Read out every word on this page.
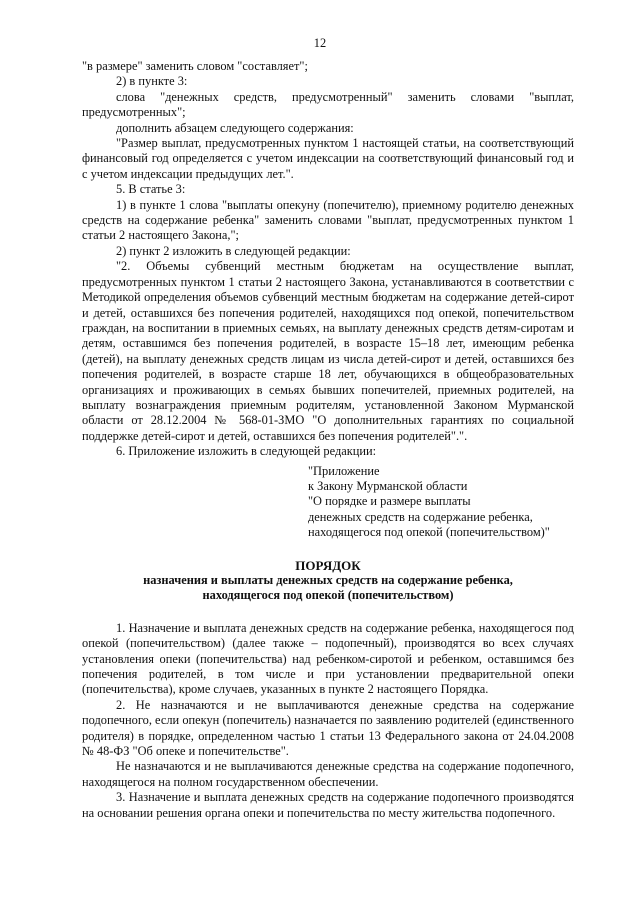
12

"в размере" заменить словом "составляет";

2) в пункте 3:

слова "денежных средств, предусмотренный" заменить словами "выплат, предусмотренных";

дополнить абзацем следующего содержания:

"Размер выплат, предусмотренных пунктом 1 настоящей статьи, на соответствующий финансовый год определяется с учетом индексации на соответствующий финансовый год и с учетом индексации предыдущих лет.".

5. В статье 3:

1) в пункте 1 слова "выплаты опекуну (попечителю), приемному родителю денежных средств на содержание ребенка" заменить словами "выплат, предусмотренных пунктом 1 статьи 2 настоящего Закона,";

2) пункт 2 изложить в следующей редакции:

"2. Объемы субвенций местным бюджетам на осуществление выплат, предусмотренных пунктом 1 статьи 2 настоящего Закона, устанавливаются в соответствии с Методикой определения объемов субвенций местным бюджетам на содержание детей-сирот и детей, оставшихся без попечения родителей, находящихся под опекой, попечительством граждан, на воспитании в приемных семьях, на выплату денежных средств детям-сиротам и детям, оставшимся без попечения родителей, в возрасте 15–18 лет, имеющим ребенка (детей), на выплату денежных средств лицам из числа детей-сирот и детей, оставшихся без попечения родителей, в возрасте старше 18 лет, обучающихся в общеобразовательных организациях и проживающих в семьях бывших попечителей, приемных родителей, на выплату вознаграждения приемным родителям, установленной Законом Мурманской области от 28.12.2004 № 568-01-ЗМО "О дополнительных гарантиях по социальной поддержке детей-сирот и детей, оставшихся без попечения родителей".".

6. Приложение изложить в следующей редакции:

"Приложение
к Закону Мурманской области
"О порядке и размере выплаты
денежных средств на содержание ребенка,
находящегося под опекой (попечительством)"

ПОРЯДОК

назначения и выплаты денежных средств на содержание ребенка,

находящегося под опекой (попечительством)

1. Назначение и выплата денежных средств на содержание ребенка, находящегося под опекой (попечительством) (далее также – подопечный), производятся во всех случаях установления опеки (попечительства) над ребенком-сиротой и ребенком, оставшимся без попечения родителей, в том числе и при установлении предварительной опеки (попечительства), кроме случаев, указанных в пункте 2 настоящего Порядка.

2. Не назначаются и не выплачиваются денежные средства на содержание подопечного, если опекун (попечитель) назначается по заявлению родителей (единственного родителя) в порядке, определенном частью 1 статьи 13 Федерального закона от 24.04.2008 № 48-ФЗ "Об опеке и попечительстве".

Не назначаются и не выплачиваются денежные средства на содержание подопечного, находящегося на полном государственном обеспечении.

3. Назначение и выплата денежных средств на содержание подопечного производятся на основании решения органа опеки и попечительства по месту жительства подопечного.
